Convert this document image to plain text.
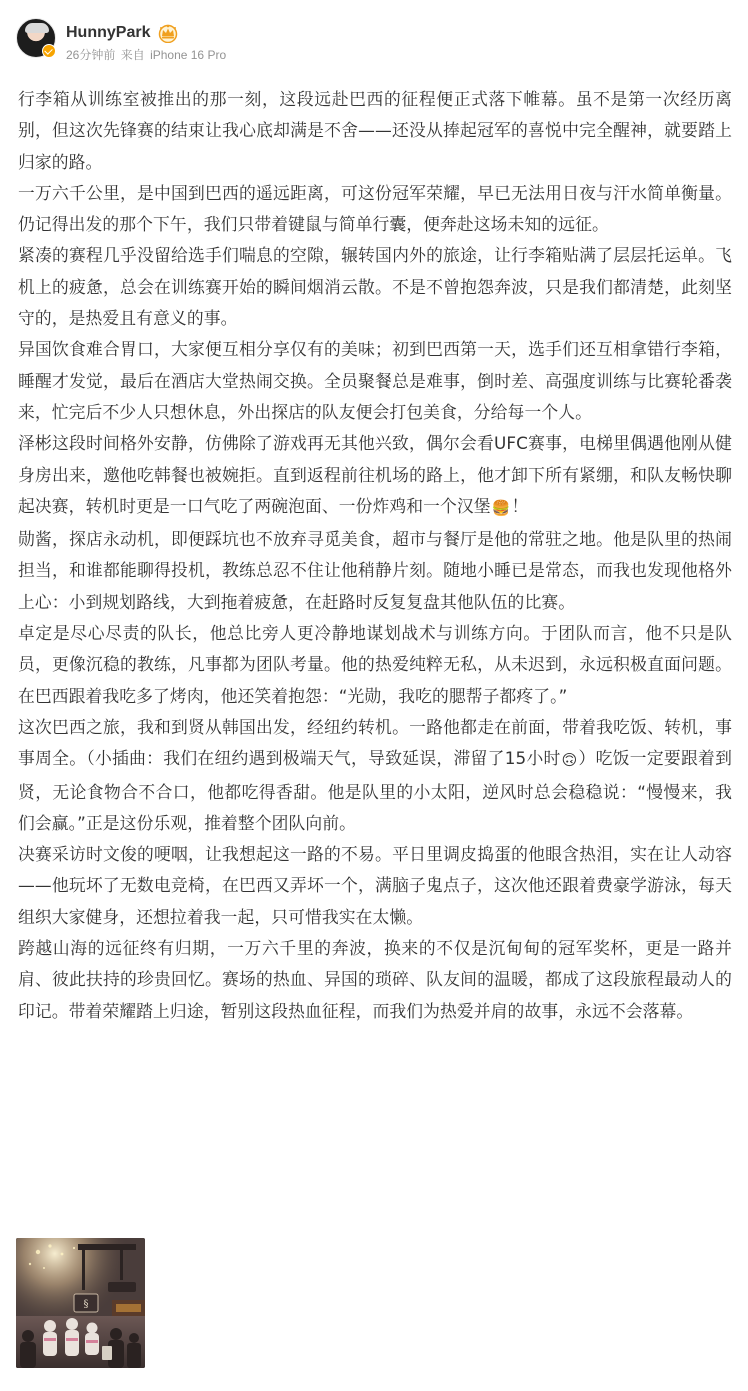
HunnyPark
26分钟前 来自 iPhone 16 Pro

行李箱从训练室被推出的那一刻，这段远赴巴西的征程便正式落下帷幕。虽不是第一次经历离别，但这次先锋赛的结束让我心底却满是不舍——还没从捧起冠军的喜悦中完全醒神，就要踏上归家的路。

一万六千公里，是中国到巴西的遥远距离，可这份冠军荣耀，早已无法用日夜与汗水简单衡量。仍记得出发的那个下午，我们只带着键鼠与简单行囊，便奔赴这场未知的远征。

紧凑的赛程几乎没留给选手们喘息的空隙，辗转国内外的旅途，让行李箱贴满了层层托运单。飞机上的疲惫，总会在训练赛开始的瞬间烟消云散。不是不曾抱怨奔波，只是我们都清楚，此刻坚守的，是热爱且有意义的事。

异国饮食难合胃口，大家便互相分享仅有的美味；初到巴西第一天，选手们还互相拿错行李箱，睡醒才发觉，最后在酒店大堂热闹交换。全员聚餐总是难事，倒时差、高强度训练与比赛轮番袭来，忙完后不少人只想休息，外出探店的队友便会打包美食，分给每一个人。

泽彬这段时间格外安静，仿佛除了游戏再无其他兴致，偶尔会看UFC赛事，电梯里偶遇他刚从健身房出来，邀他吃韩餐也被婉拒。直到返程前往机场的路上，他才卸下所有紧绷，和队友畅快聊起决赛，转机时更是一口气吃了两碗泡面、一份炸鸡和一个汉堡🍔！

勋酱，探店永动机，即便踩坑也不放弃寻觅美食，超市与餐厅是他的常驻之地。他是队里的热闹担当，和谁都能聊得投机，教练总忍不住让他稍静片刻。随地小睡已是常态，而我也发现他格外上心：小到规划路线，大到拖着疲惫，在赶路时反复复盘其他队伍的比赛。

卓定是尽心尽责的队长，他总比旁人更冷静地谋划战术与训练方向。于团队而言，他不只是队员，更像沉稳的教练，凡事都为团队考量。他的热爱纯粹无私，从未迟到，永远积极直面问题。在巴西跟着我吃多了烤肉，他还笑着抱怨：“光勋，我吃的腮帮子都疼了。”

这次巴西之旅，我和到贤从韩国出发，经纽约转机。一路他都走在前面，带着我吃饭、转机，事事周全。（小插曲：我们在纽约遇到极端天气，导致延误，滞留了15小时🙃）吃饭一定要跟着到贤，无论食物合不合口，他都吃得香甜。他是队里的小太阳，逆风时总会稳稳说：“慢慢来，我们会赢。”正是这份乐观，推着整个团队向前。

决赛采访时文俊的哽咽，让我想起这一路的不易。平日里调皮捣蛋的他眼含热泪，实在让人动容——他玩坏了无数电竞椅，在巴西又弄坏一个，满脑子鬼点子，这次他还跟着费豪学游泳，每天组织大家健身，还想拉着我一起，只可惜我实在太懒。

跨越山海的远征终有归期，一万六千里的奔波，换来的不仅是沉甸甸的冠军奖杯，更是一路并肩、彼此扶持的珍贵回忆。赛场的热血、异国的琐碎、队友间的温暖，都成了这段旅程最动人的印记。带着荣耀踏上归途，暂别这段热血征程，而我们为热爱并肩的故事，永远不会落幕。

§
